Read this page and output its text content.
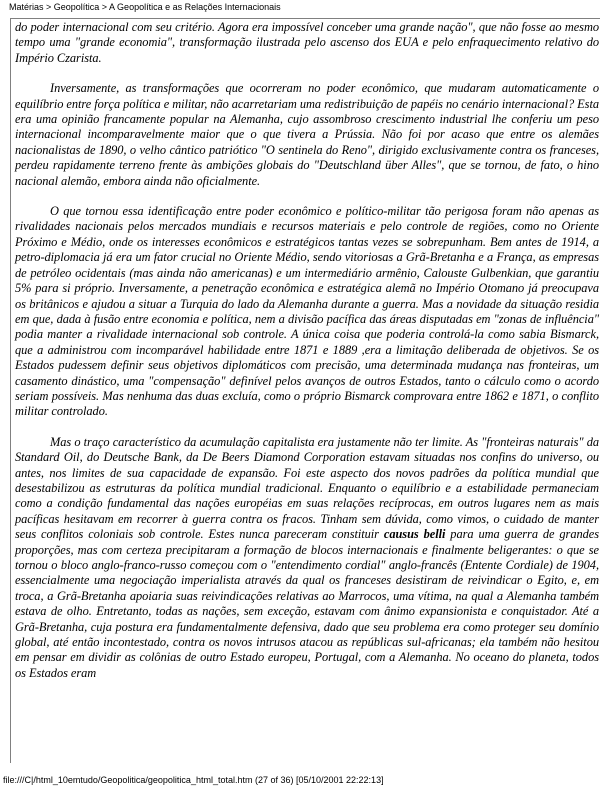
Matérias > Geopolítica > A Geopolítica e as Relações Internacionais

do poder internacional com seu critério. Agora era impossível conceber uma grande nação", que não fosse ao mesmo tempo uma "grande economia", transformação ilustrada pelo ascenso dos EUA e pelo enfraquecimento relativo do Império Czarista.

Inversamente, as transformações que ocorreram no poder econômico, que mudaram automaticamente o equilíbrio entre força política e militar, não acarretariam uma redistribuição de papéis no cenário internacional? Esta era uma opinião francamente popular na Alemanha, cujo assombroso crescimento industrial lhe conferiu um peso internacional incomparavelmente maior que o que tivera a Prússia. Não foi por acaso que entre os alemães nacionalistas de 1890, o velho cântico patriótico "O sentinela do Reno", dirigido exclusivamente contra os franceses, perdeu rapidamente terreno frente às ambições globais do "Deutschland über Alles", que se tornou, de fato, o hino nacional alemão, embora ainda não oficialmente.

O que tornou essa identificação entre poder econômico e político-militar tão perigosa foram não apenas as rivalidades nacionais pelos mercados mundiais e recursos materiais e pelo controle de regiões, como no Oriente Próximo e Médio, onde os interesses econômicos e estratégicos tantas vezes se sobrepunham. Bem antes de 1914, a petro-diplomacia já era um fator crucial no Oriente Médio, sendo vitoriosas a Grã-Bretanha e a França, as empresas de petróleo ocidentais (mas ainda não americanas) e um intermediário armênio, Calouste Gulbenkian, que garantiu 5% para si próprio. Inversamente, a penetração econômica e estratégica alemã no Império Otomano já preocupava os britânicos e ajudou a situar a Turquia do lado da Alemanha durante a guerra. Mas a novidade da situação residia em que, dada à fusão entre economia e política, nem a divisão pacífica das áreas disputadas em "zonas de influência" podia manter a rivalidade internacional sob controle. A única coisa que poderia controlá-la como sabia Bismarck, que a administrou com incomparável habilidade entre 1871 e 1889 ,era a limitação deliberada de objetivos. Se os Estados pudessem definir seus objetivos diplomáticos com precisão, uma determinada mudança nas fronteiras, um casamento dinástico, uma "compensação" definível pelos avanços de outros Estados, tanto o cálculo como o acordo seriam possíveis. Mas nenhuma das duas excluía, como o próprio Bismarck comprovara entre 1862 e 1871, o conflito militar controlado.

Mas o traço característico da acumulação capitalista era justamente não ter limite. As "fronteiras naturais" da Standard Oil, do Deutsche Bank, da De Beers Diamond Corporation estavam situadas nos confins do universo, ou antes, nos limites de sua capacidade de expansão. Foi este aspecto dos novos padrões da política mundial que desestabilizou as estruturas da política mundial tradicional. Enquanto o equilíbrio e a estabilidade permaneciam como a condição fundamental das nações européias em suas relações recíprocas, em outros lugares nem as mais pacíficas hesitavam em recorrer à guerra contra os fracos. Tinham sem dúvida, como vimos, o cuidado de manter seus conflitos coloniais sob controle. Estes nunca pareceram constituir causus belli para uma guerra de grandes proporções, mas com certeza precipitaram a formação de blocos internacionais e finalmente beligerantes: o que se tornou o bloco anglo-franco-russo começou com o "entendimento cordial" anglo-francês (Entente Cordiale) de 1904, essencialmente uma negociação imperialista através da qual os franceses desistiram de reivindicar o Egito, e, em troca, a Grã-Bretanha apoiaria suas reivindicações relativas ao Marrocos, uma vítima, na qual a Alemanha também estava de olho. Entretanto, todas as nações, sem exceção, estavam com ânimo expansionista e conquistador. Até a Grã-Bretanha, cuja postura era fundamentalmente defensiva, dado que seu problema era como proteger seu domínio global, até então incontestado, contra os novos intrusos atacou as repúblicas sul-africanas; ela também não hesitou em pensar em dividir as colônias de outro Estado europeu, Portugal, com a Alemanha. No oceano do planeta, todos os Estados eram

file:///C|/html_10emtudo/Geopolitica/geopolitica_html_total.htm (27 of 36) [05/10/2001 22:22:13]
